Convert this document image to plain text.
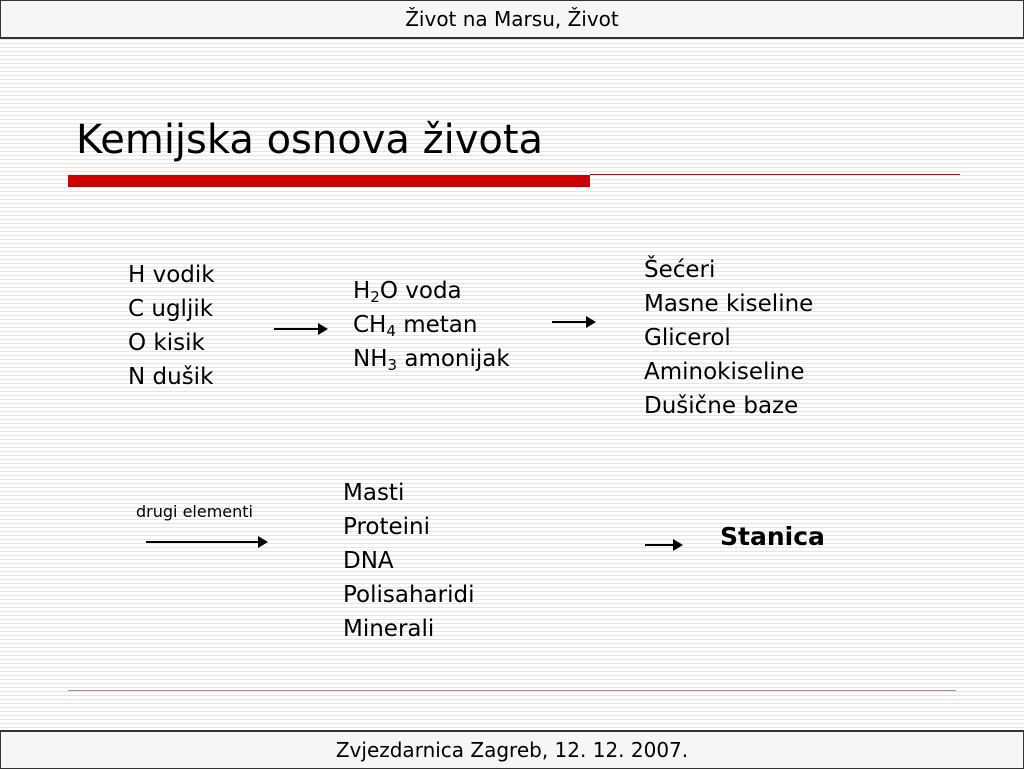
Život na Marsu, Život
Kemijska osnova života
H vodik
C ugljik
O kisik
N dušik
$H_2O$ voda
$CH_4$ metan
$NH_3$ amonijak
Šećeri
Masne kiseline
Glicerol
Aminokiseline
Dušične baze
drugi elementi
Masti
Proteini
DNA
Polisaharidi
Minerali
Stanica
Zvjezdarnica Zagreb, 12. 12. 2007.
